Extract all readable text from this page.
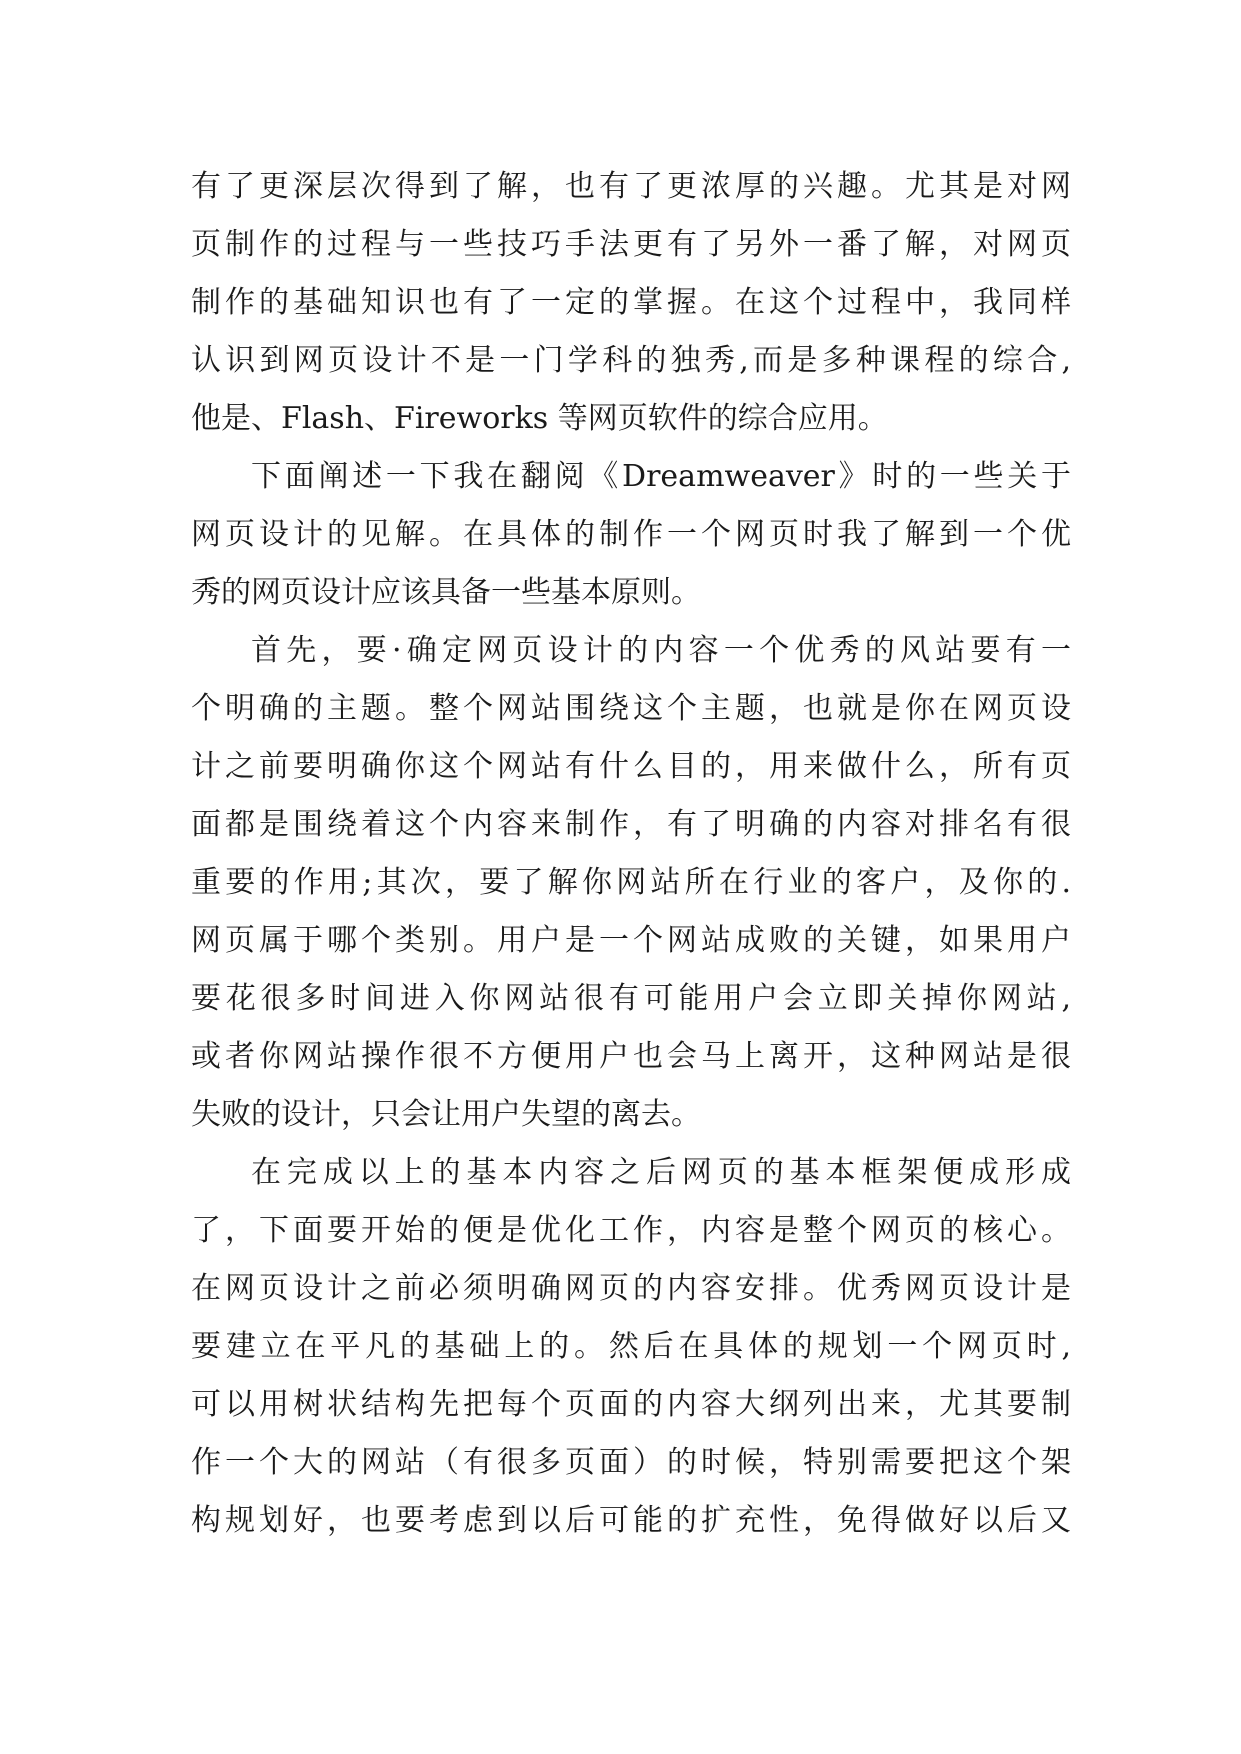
有了更深层次得到了解，也有了更浓厚的兴趣。尤其是对网
页制作的过程与一些技巧手法更有了另外一番了解，对网页
制作的基础知识也有了一定的掌握。在这个过程中，我同样
认识到网页设计不是一门学科的独秀,而是多种课程的综合,
他是、Flash、Fireworks 等网页软件的综合应用。
下面阐述一下我在翻阅《Dreamweaver》时的一些关于
网页设计的见解。在具体的制作一个网页时我了解到一个优
秀的网页设计应该具备一些基本原则。
首先，要·确定网页设计的内容一个优秀的风站要有一
个明确的主题。整个网站围绕这个主题，也就是你在网页设
计之前要明确你这个网站有什么目的，用来做什么，所有页
面都是围绕着这个内容来制作，有了明确的内容对排名有很
重要的作用;其次，要了解你网站所在行业的客户，及你的.
网页属于哪个类别。用户是一个网站成败的关键，如果用户
要花很多时间进入你网站很有可能用户会立即关掉你网站,
或者你网站操作很不方便用户也会马上离开，这种网站是很
失败的设计，只会让用户失望的离去。
在完成以上的基本内容之后网页的基本框架便成形成
了，下面要开始的便是优化工作，内容是整个网页的核心。
在网页设计之前必须明确网页的内容安排。优秀网页设计是
要建立在平凡的基础上的。然后在具体的规划一个网页时,
可以用树状结构先把每个页面的内容大纲列出来，尤其要制
作一个大的网站（有很多页面）的时候，特别需要把这个架
构规划好，也要考虑到以后可能的扩充性，免得做好以后又
